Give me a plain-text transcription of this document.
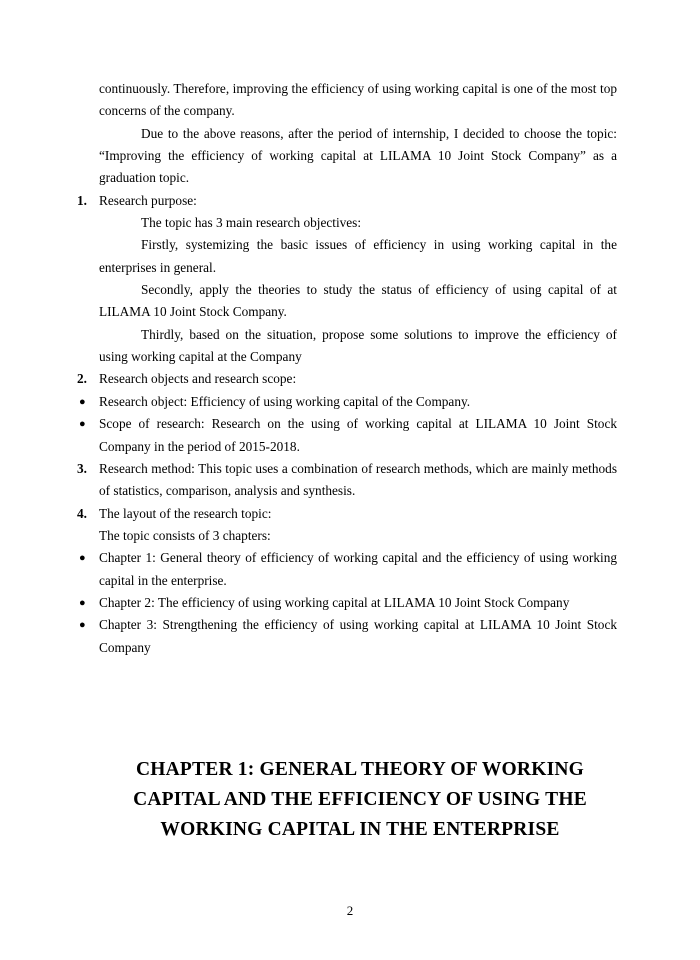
continuously. Therefore, improving the efficiency of using working capital is one of the most top concerns of the company.
Due to the above reasons, after the period of internship, I decided to choose the topic: “Improving the efficiency of working capital at LILAMA 10 Joint Stock Company” as a graduation topic.
1. Research purpose:
The topic has 3 main research objectives:
Firstly, systemizing the basic issues of efficiency in using working capital in the enterprises in general.
Secondly, apply the theories to study the status of efficiency of using capital of at LILAMA 10 Joint Stock Company.
Thirdly, based on the situation, propose some solutions to improve the efficiency of using working capital at the Company
2. Research objects and research scope:
● Research object: Efficiency of using working capital of the Company.
● Scope of research: Research on the using of working capital at LILAMA 10 Joint Stock Company in the period of 2015-2018.
3. Research method: This topic uses a combination of research methods, which are mainly methods of statistics, comparison, analysis and synthesis.
4. The layout of the research topic:
The topic consists of 3 chapters:
● Chapter 1: General theory of efficiency of working capital and the efficiency of using working capital in the enterprise.
● Chapter 2: The efficiency of using working capital at LILAMA 10 Joint Stock Company
● Chapter 3: Strengthening the efficiency of using working capital at LILAMA 10 Joint Stock Company
CHAPTER 1: GENERAL THEORY OF WORKING
CAPITAL AND THE EFFICIENCY OF USING THE
WORKING CAPITAL IN THE ENTERPRISE
2
